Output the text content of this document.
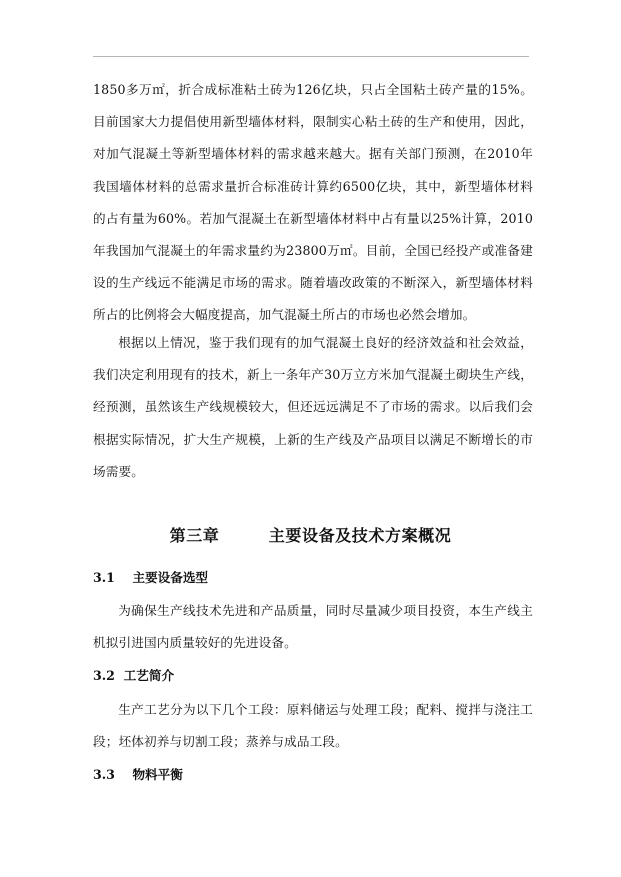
1850多万㎡，折合成标准粘土砖为126亿块，只占全国粘土砖产量的15%。目前国家大力提倡使用新型墙体材料，限制实心粘土砖的生产和使用，因此，对加气混凝土等新型墙体材料的需求越来越大。据有关部门预测，在2010年我国墙体材料的总需求量折合标准砖计算约6500亿块，其中，新型墙体材料的占有量为60%。若加气混凝土在新型墙体材料中占有量以25%计算，2010年我国加气混凝土的年需求量约为23800万㎡。目前，全国已经投产或准备建设的生产线远不能满足市场的需求。随着墙改政策的不断深入，新型墙体材料所占的比例将会大幅度提高，加气混凝土所占的市场也必然会增加。

根据以上情况，鉴于我们现有的加气混凝土良好的经济效益和社会效益，我们决定利用现有的技术，新上一条年产30万立方米加气混凝土砌块生产线，经预测，虽然该生产线规模较大，但还远远满足不了市场的需求。以后我们会根据实际情况，扩大生产规模，上新的生产线及产品项目以满足不断增长的市场需要。

第三章        主要设备及技术方案概况
3.1    主要设备选型

为确保生产线技术先进和产品质量，同时尽量减少项目投资，本生产线主机拟引进国内质量较好的先进设备。

3.2  工艺简介

生产工艺分为以下几个工段：原料储运与处理工段；配料、搅拌与浇注工段；坯体初养与切割工段；蒸养与成品工段。

3.3    物料平衡
